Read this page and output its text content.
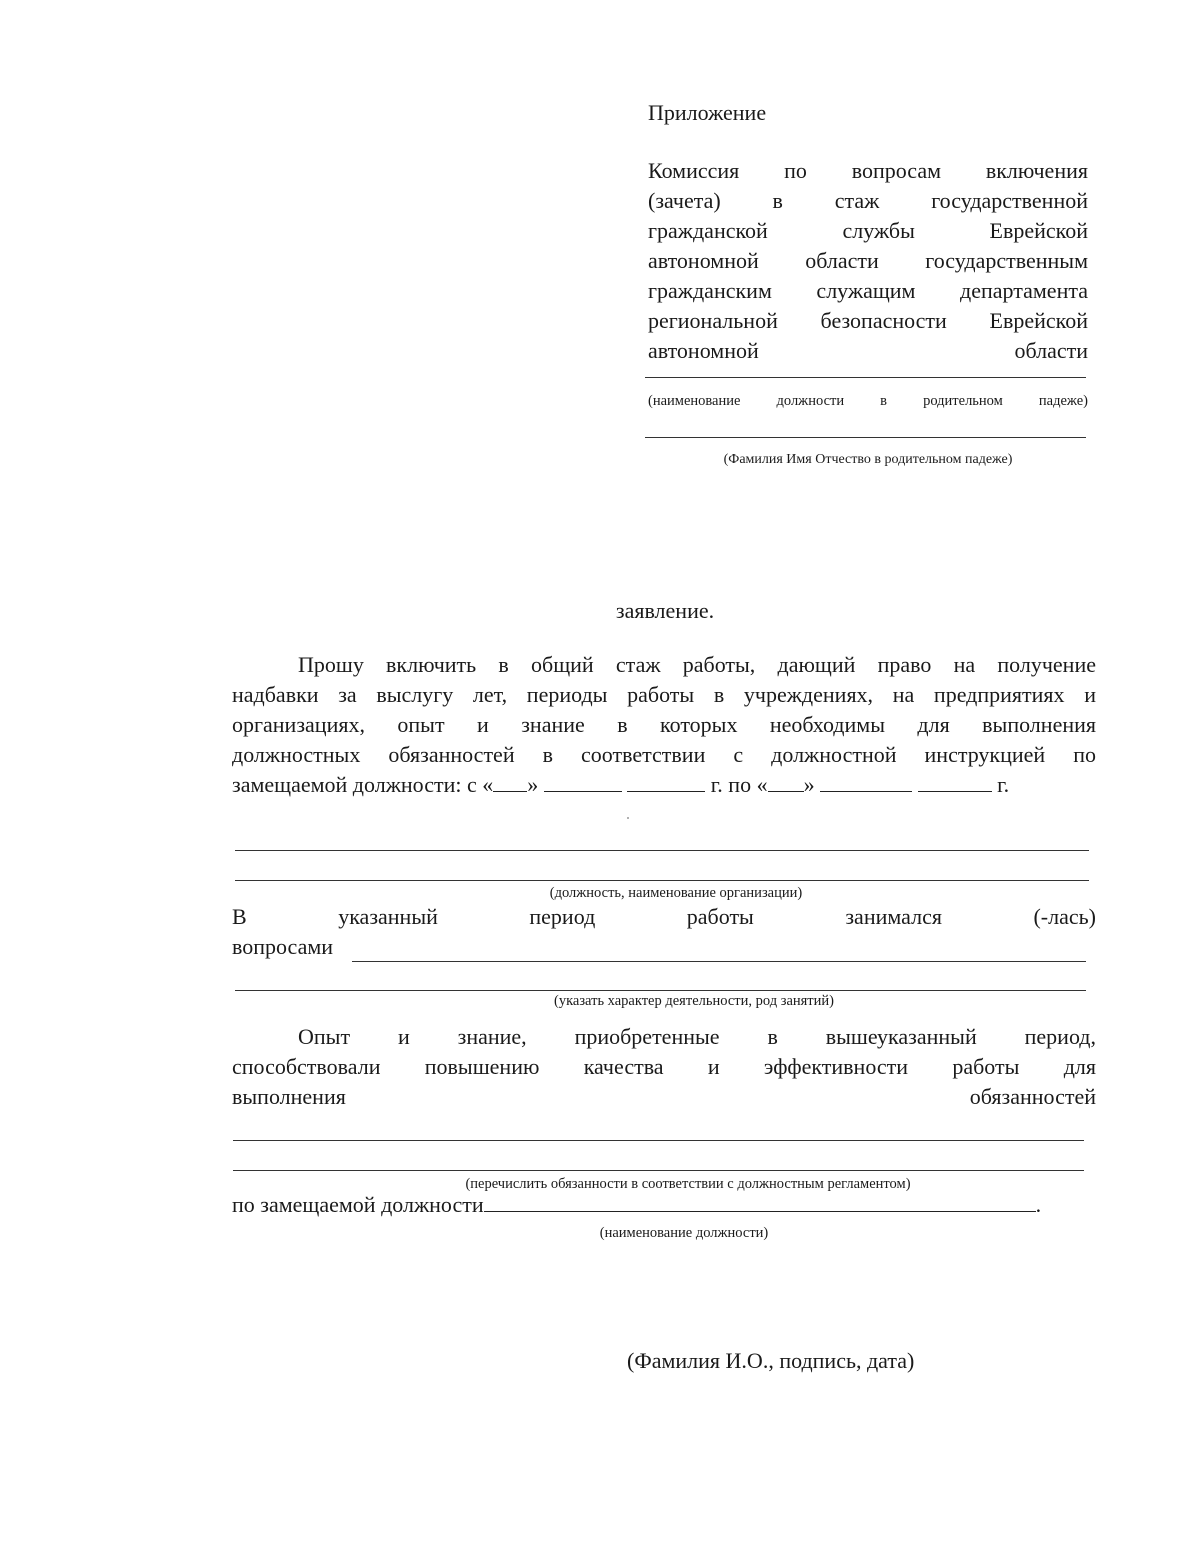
Приложение
Комиссия по вопросам включения
(зачета) в стаж государственной
гражданской службы Еврейской
автономной области государственным
гражданским служащим департамента
региональной безопасности Еврейской
автономной области
(наименование должности в родительном падеже)
(Фамилия Имя Отчество в родительном падеже)
заявление.
Прошу включить в общий стаж работы, дающий право на получение
надбавки за выслугу лет, периоды работы в учреждениях, на предприятиях и
организациях, опыт и знание в которых необходимы для выполнения
должностных обязанностей в соответствии с должностной инструкцией по
замещаемой должности: с « »	г. по « »	г.
(должность, наименование организации)
В указанный период работы занимался (-лась)
вопросами
(указать характер деятельности, род занятий)
Опыт и знание, приобретенные в вышеуказанный период,
способствовали повышению качества и эффективности работы для
выполнения обязанностей
(перечислить обязанности в соответствии с должностным регламентом)
по замещаемой должности	.
(наименование должности)
(Фамилия И.О., подпись, дата)
